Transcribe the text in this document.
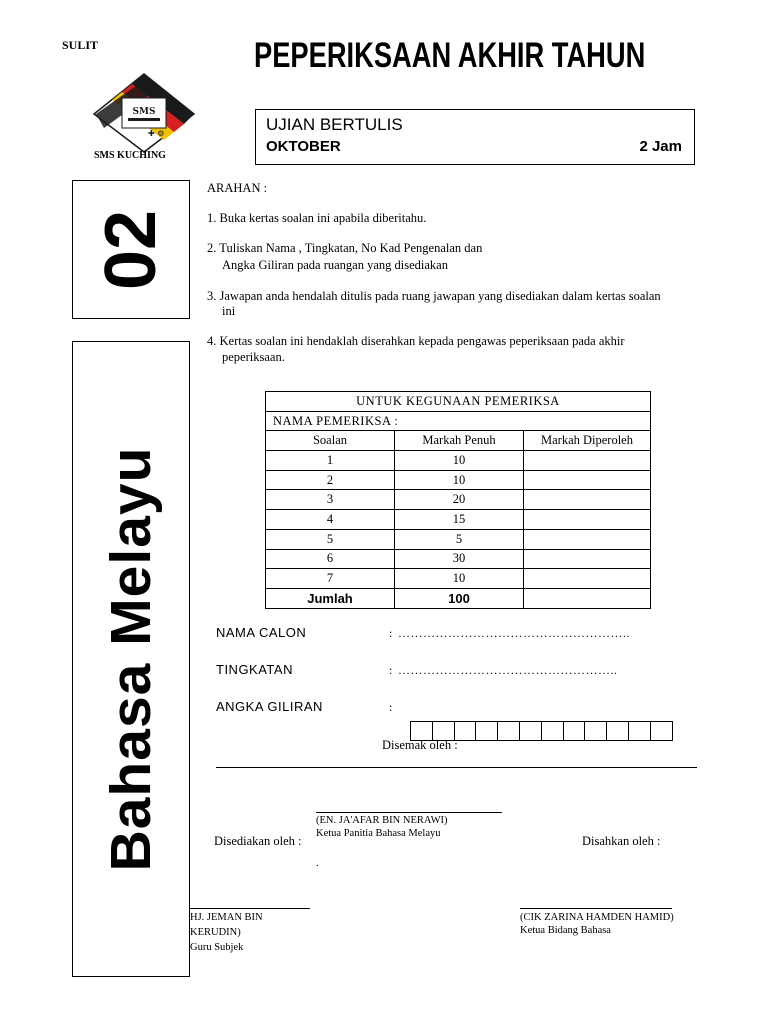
SULIT
SMS
✚ ⚙
SMS KUCHING
PEPERIKSAAN AKHIR TAHUN
UJIAN BERTULIS
OKTOBER	2 Jam
02
Bahasa Melayu
ARAHAN :
1. Buka kertas soalan ini apabila diberitahu.
2. Tuliskan Nama , Tingkatan, No Kad Pengenalan dan
Angka Giliran pada ruangan yang disediakan
3. Jawapan anda hendalah ditulis pada ruang jawapan yang disediakan dalam kertas soalan
ini
4. Kertas soalan ini hendaklah diserahkan kepada pengawas peperiksaan pada akhir
peperiksaan.
UNTUK KEGUNAAN PEMERIKSA		
NAMA PEMERIKSA :		
Soalan	Markah Penuh	Markah Diperoleh
1	10	
2	10	
3	20	
4	15	
5	5	
6	30	
7	10	
Jumlah	100	
NAMA CALON	: ………………………………………………..
TINGKATAN	: ……………………………………………..
ANGKA GILIRAN	:
Disemak oleh :
(EN. JA'AFAR BIN NERAWI)
Ketua Panitia Bahasa Melayu
Disediakan oleh :	Disahkan oleh :
.
HJ. JEMAN BIN
KERUDIN)
Guru Subjek
(CIK ZARINA HAMDEN HAMID)
Ketua Bidang Bahasa
